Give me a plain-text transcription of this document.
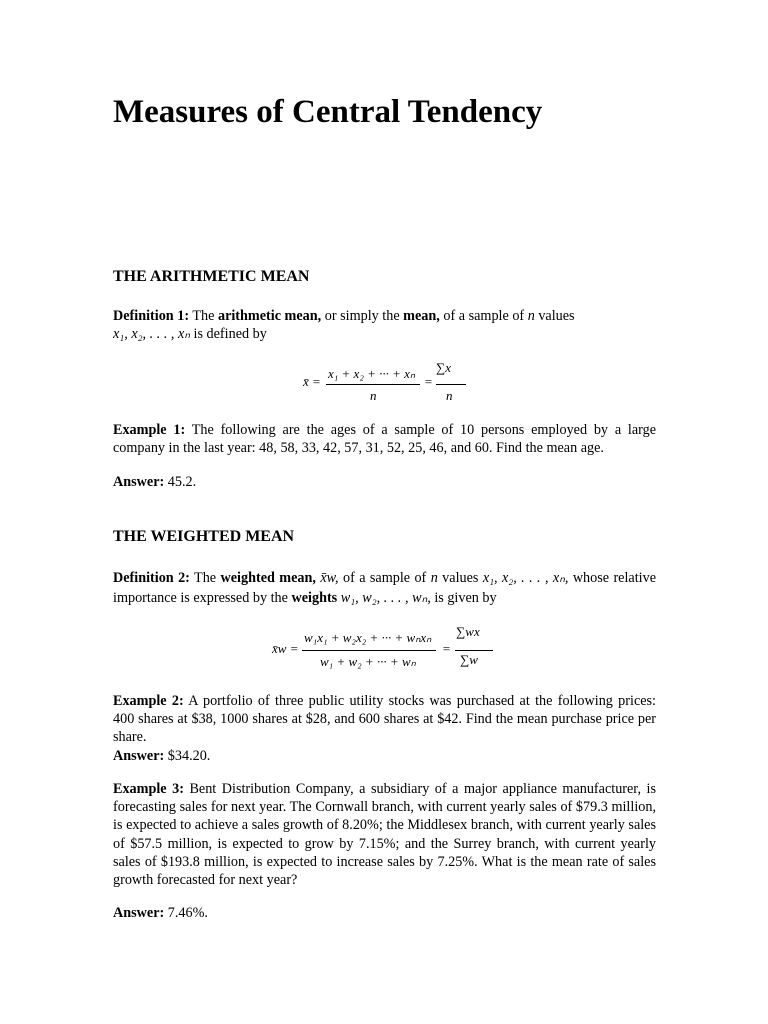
Measures of Central Tendency
THE ARITHMETIC MEAN

Definition 1: The arithmetic mean, or simply the mean, of a sample of n values
x₁, x₂, . . . , xₙ is defined by

x̄ =
x₁ + x₂ + ··· + xₙ
n
=
∑x
n

Example 1: The following are the ages of a sample of 10 persons employed by a large company in the last year: 48, 58, 33, 42, 57, 31, 52, 25, 46, and 60. Find the mean age.

Answer: 45.2.

THE WEIGHTED MEAN

Definition 2: The weighted mean, x̄w, of a sample of n values x₁, x₂, . . . , xₙ, whose relative importance is expressed by the weights w₁, w₂, . . . , wₙ, is given by

x̄w =
w₁x₁ + w₂x₂ + ··· + wₙxₙ
w₁ + w₂ + ··· + wₙ
=
∑wx
∑w

Example 2: A portfolio of three public utility stocks was purchased at the following prices: 400 shares at $38, 1000 shares at $28, and 600 shares at $42. Find the mean purchase price per share.
Answer: $34.20.

Example 3: Bent Distribution Company, a subsidiary of a major appliance manufacturer, is forecasting sales for next year. The Cornwall branch, with current yearly sales of $79.3 million, is expected to achieve a sales growth of 8.20%; the Middlesex branch, with current yearly sales of $57.5 million, is expected to grow by 7.15%; and the Surrey branch, with current yearly sales of $193.8 million, is expected to increase sales by 7.25%. What is the mean rate of sales growth forecasted for next year?

Answer: 7.46%.
